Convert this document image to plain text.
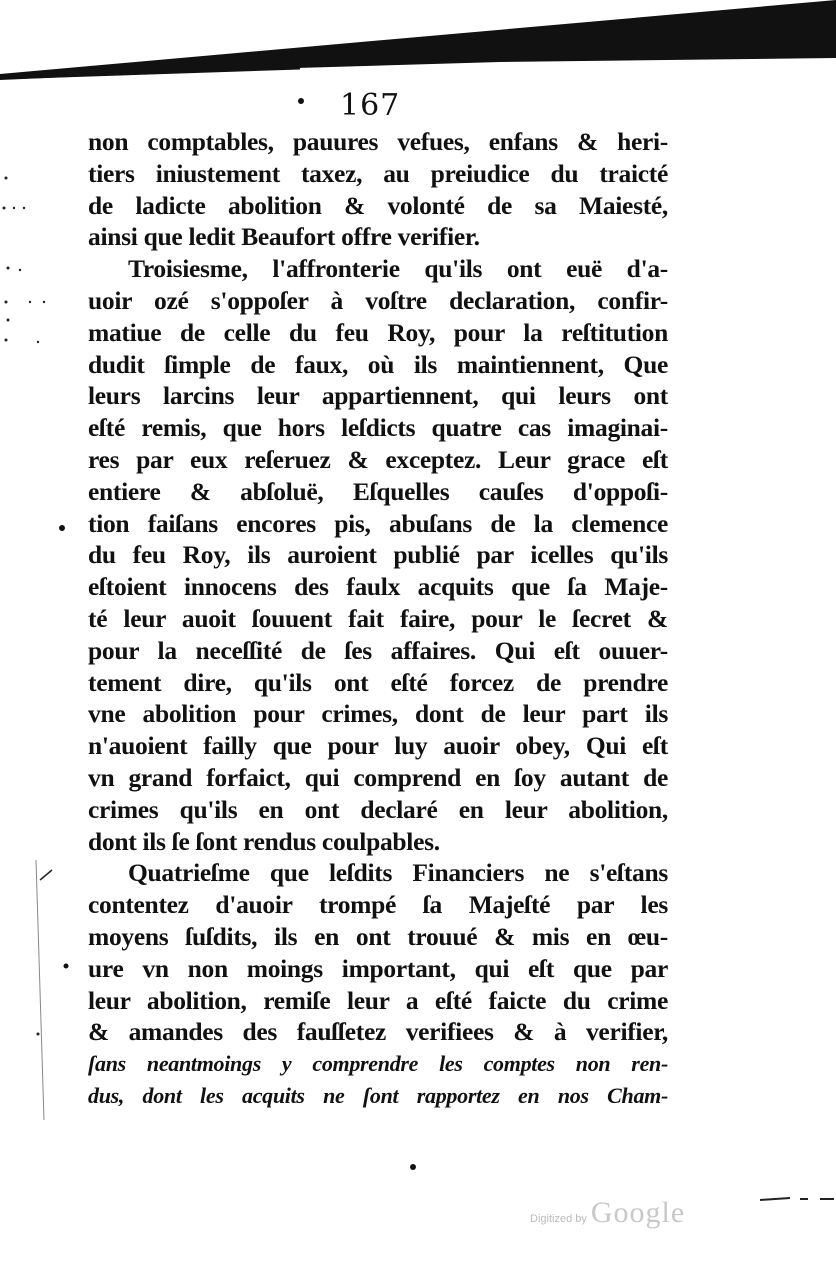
167
non comptables, pauures vefues, enfans & heri-
tiers iniustement taxez, au preiudice du traicté
de ladicte abolition & volonté de sa Maiesté,
ainsi que ledit Beaufort offre verifier.
Troisiesme, l'affronterie qu'ils ont euë d'a-
uoir ozé s'oppoſer à voſtre declaration, confir-
matiue de celle du feu Roy, pour la reſtitution
dudit ſimple de faux, où ils maintiennent, Que
leurs larcins leur appartiennent, qui leurs ont
eſté remis, que hors leſdicts quatre cas imaginai-
res par eux reſeruez & exceptez. Leur grace eſt
entiere & abſoluë, Eſquelles cauſes d'oppoſi-
tion faiſans encores pis, abuſans de la clemence
du feu Roy, ils auroient publié par icelles qu'ils
eſtoient innocens des faulx acquits que ſa Maje-
té leur auoit ſouuent fait faire, pour le ſecret &
pour la neceſſité de ſes affaires. Qui eſt ouuer-
tement dire, qu'ils ont eſté forcez de prendre
vne abolition pour crimes, dont de leur part ils
n'auoient failly que pour luy auoir obey, Qui eſt
vn grand forfaict, qui comprend en ſoy autant de
crimes qu'ils en ont declaré en leur abolition,
dont ils ſe ſont rendus coulpables.
Quatrieſme que leſdits Financiers ne s'eſtans
contentez d'auoir trompé ſa Majeſté par les
moyens ſuſdits, ils en ont trouué & mis en œu-
ure vn non moings important, qui eſt que par
leur abolition, remiſe leur a eſté faicte du crime
& amandes des fauſſetez verifiees & à verifier,
ſans neantmoings y comprendre les comptes non ren-
dus, dont les acquits ne ſont rapportez en nos Cham-
Digitized by Google
